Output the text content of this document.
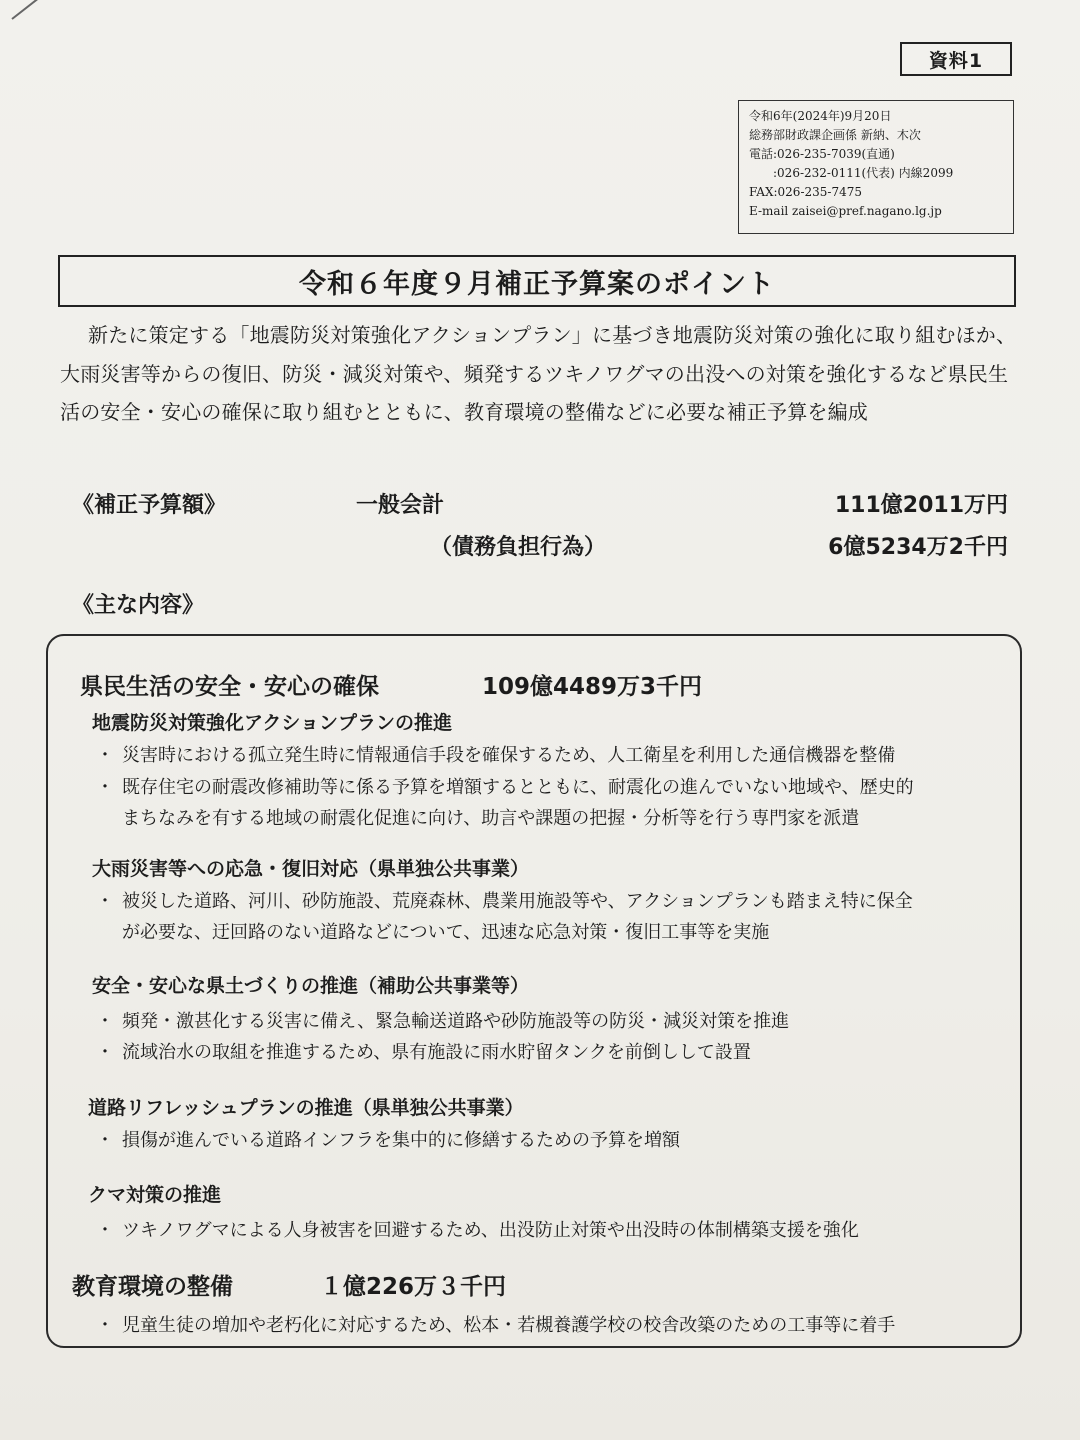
資料1
令和6年(2024年)9月20日
総務部財政課企画係 新納、木次
電話:026-235-7039(直通)
　　:026-232-0111(代表) 内線2099
FAX:026-235-7475
E-mail zaisei@pref.nagano.lg.jp
令和６年度９月補正予算案のポイント
新たに策定する「地震防災対策強化アクションプラン」に基づき地震防災対策の強化に取り組むほか、大雨災害等からの復旧、防災・減災対策や、頻発するツキノワグマの出没への対策を強化するなど県民生活の安全・安心の確保に取り組むとともに、教育環境の整備などに必要な補正予算を編成
《補正予算額》	一般会計	111億2011万円
（債務負担行為）	6億5234万2千円
《主な内容》
県民生活の安全・安心の確保	109億4489万3千円
地震防災対策強化アクションプランの推進
・ 災害時における孤立発生時に情報通信手段を確保するため、人工衛星を利用した通信機器を整備
・ 既存住宅の耐震改修補助等に係る予算を増額するとともに、耐震化の進んでいない地域や、歴史的
まちなみを有する地域の耐震化促進に向け、助言や課題の把握・分析等を行う専門家を派遣
大雨災害等への応急・復旧対応（県単独公共事業）
・ 被災した道路、河川、砂防施設、荒廃森林、農業用施設等や、アクションプランも踏まえ特に保全
が必要な、迂回路のない道路などについて、迅速な応急対策・復旧工事等を実施
安全・安心な県土づくりの推進（補助公共事業等）
・ 頻発・激甚化する災害に備え、緊急輸送道路や砂防施設等の防災・減災対策を推進
・ 流域治水の取組を推進するため、県有施設に雨水貯留タンクを前倒しして設置
道路リフレッシュプランの推進（県単独公共事業）
・ 損傷が進んでいる道路インフラを集中的に修繕するための予算を増額
クマ対策の推進
・ ツキノワグマによる人身被害を回避するため、出没防止対策や出没時の体制構築支援を強化
教育環境の整備	１億226万３千円
・ 児童生徒の増加や老朽化に対応するため、松本・若槻養護学校の校舎改築のための工事等に着手
